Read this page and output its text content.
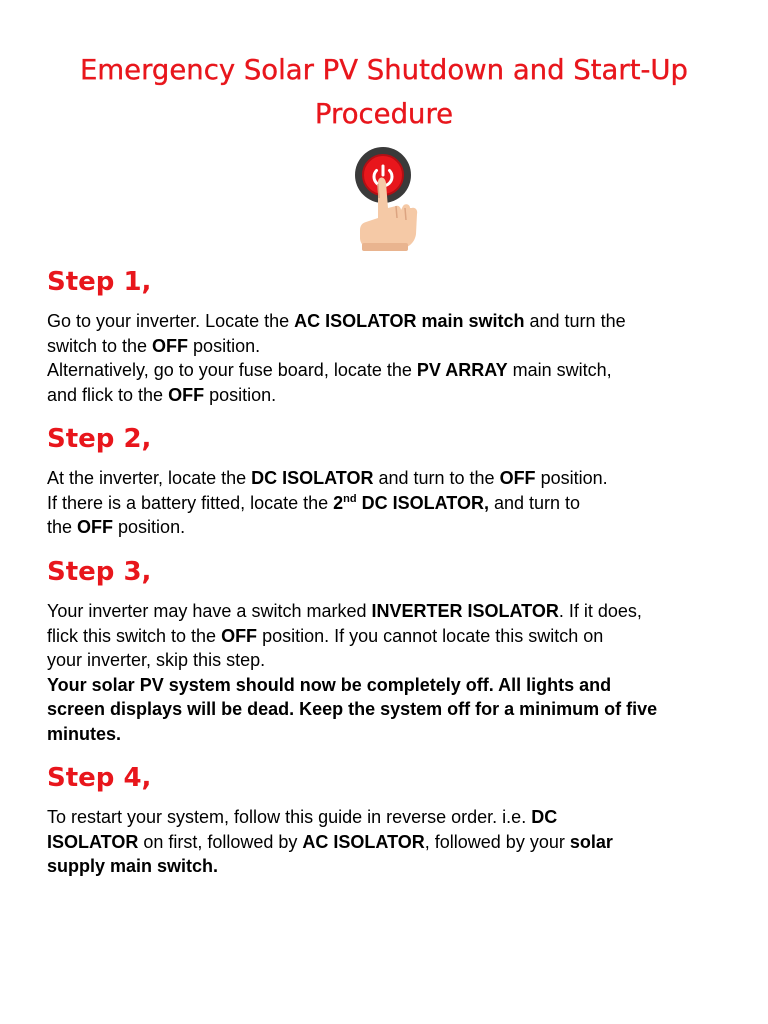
Emergency Solar PV Shutdown and Start-Up
Procedure
Step 1,
Go to your inverter. Locate the AC ISOLATOR main switch and turn the
switch to the OFF position.
Alternatively, go to your fuse board, locate the PV ARRAY main switch,
and flick to the OFF position.
Step 2,
At the inverter, locate the DC ISOLATOR and turn to the OFF position.
If there is a battery fitted, locate the 2nd DC ISOLATOR, and turn to
the OFF position.
Step 3,
Your inverter may have a switch marked INVERTER ISOLATOR. If it does,
flick this switch to the OFF position. If you cannot locate this switch on
your inverter, skip this step.
Your solar PV system should now be completely off. All lights and
screen displays will be dead. Keep the system off for a minimum of five
minutes.
Step 4,
To restart your system, follow this guide in reverse order. i.e. DC
ISOLATOR on first, followed by AC ISOLATOR, followed by your solar
supply main switch.
